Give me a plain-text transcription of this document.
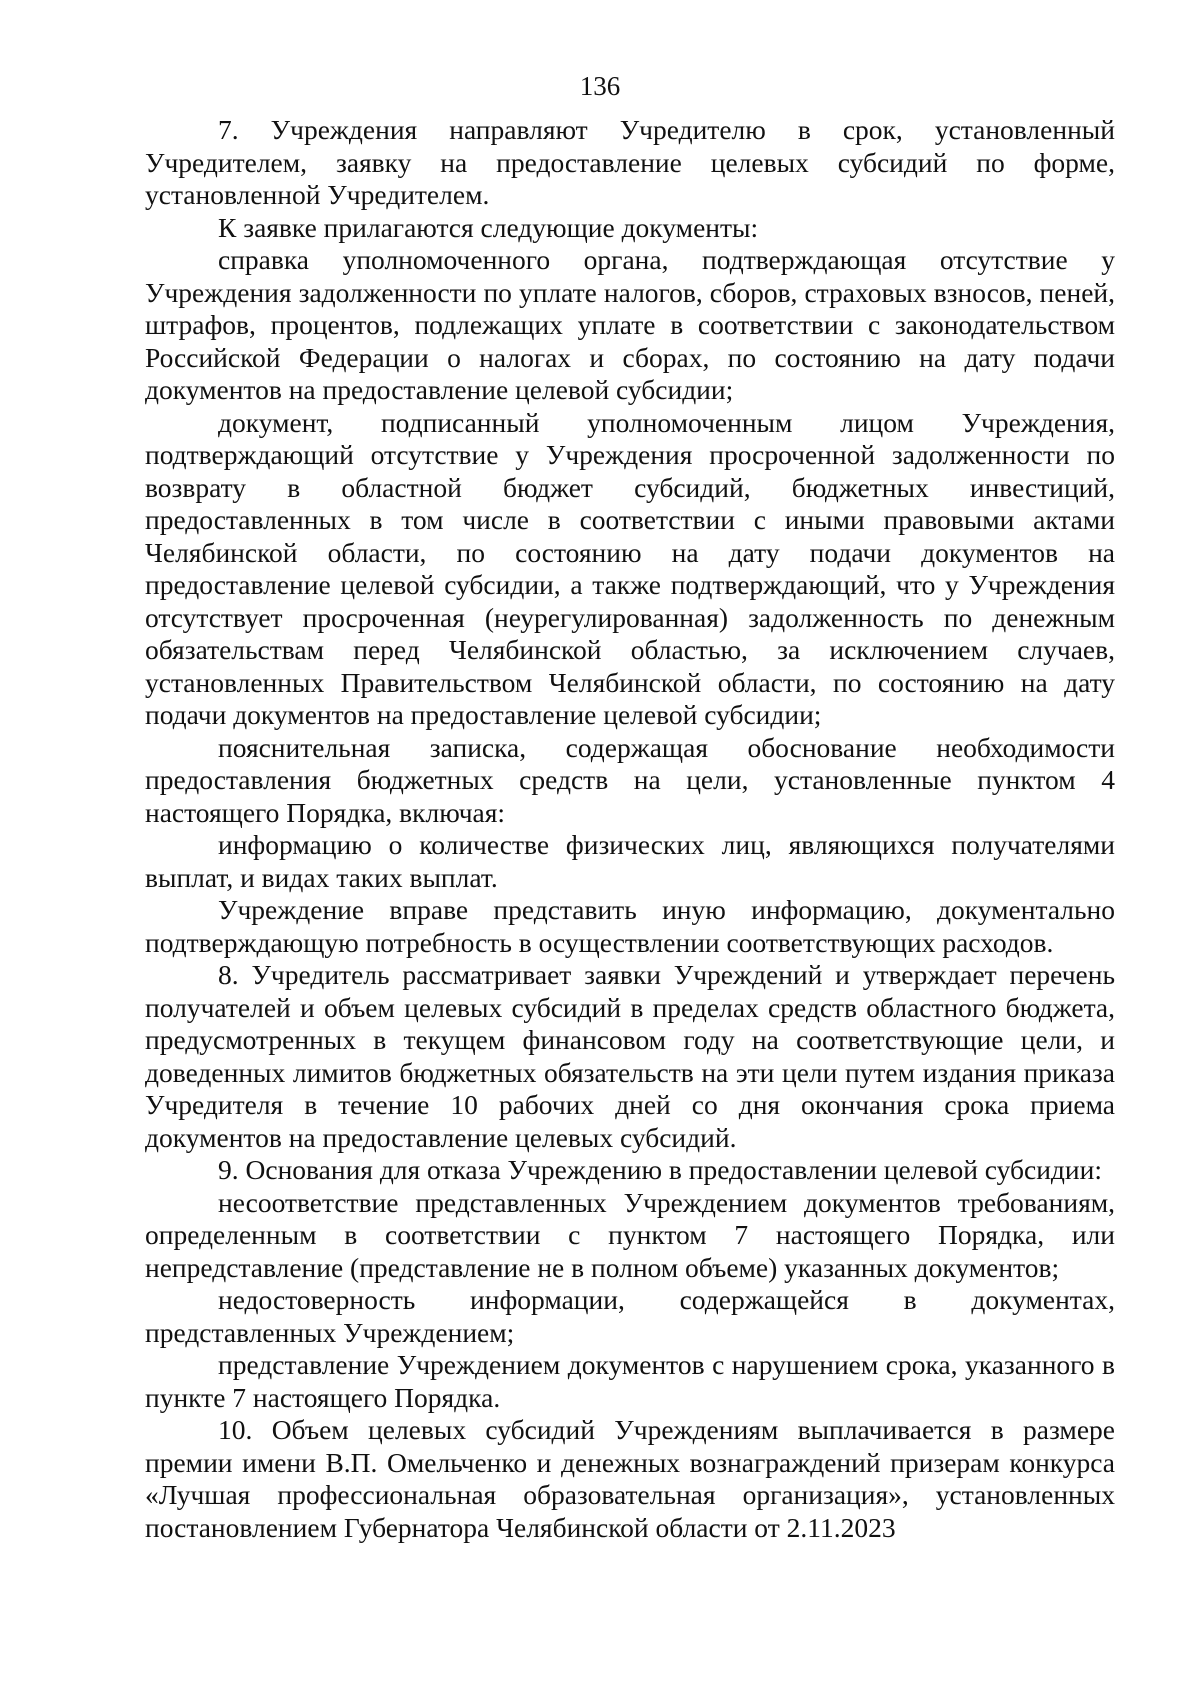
136

7. Учреждения направляют Учредителю в срок, установленный Учредителем, заявку на предоставление целевых субсидий по форме, установленной Учредителем.

К заявке прилагаются следующие документы:

справка уполномоченного органа, подтверждающая отсутствие у Учреждения задолженности по уплате налогов, сборов, страховых взносов, пеней, штрафов, процентов, подлежащих уплате в соответствии с законодательством Российской Федерации о налогах и сборах, по состоянию на дату подачи документов на предоставление целевой субсидии;

документ, подписанный уполномоченным лицом Учреждения, подтверждающий отсутствие у Учреждения просроченной задолженности по возврату в областной бюджет субсидий, бюджетных инвестиций, предоставленных в том числе в соответствии с иными правовыми актами Челябинской области, по состоянию на дату подачи документов на предоставление целевой субсидии, а также подтверждающий, что у Учреждения отсутствует просроченная (неурегулированная) задолженность по денежным обязательствам перед Челябинской областью, за исключением случаев, установленных Правительством Челябинской области, по состоянию на дату подачи документов на предоставление целевой субсидии;

пояснительная записка, содержащая обоснование необходимости предоставления бюджетных средств на цели, установленные пунктом 4 настоящего Порядка, включая:

информацию о количестве физических лиц, являющихся получателями выплат, и видах таких выплат.

Учреждение вправе представить иную информацию, документально подтверждающую потребность в осуществлении соответствующих расходов.

8. Учредитель рассматривает заявки Учреждений и утверждает перечень получателей и объем целевых субсидий в пределах средств областного бюджета, предусмотренных в текущем финансовом году на соответствующие цели, и доведенных лимитов бюджетных обязательств на эти цели путем издания приказа Учредителя в течение 10 рабочих дней со дня окончания срока приема документов на предоставление целевых субсидий.

9. Основания для отказа Учреждению в предоставлении целевой субсидии:

несоответствие представленных Учреждением документов требованиям, определенным в соответствии с пунктом 7 настоящего Порядка, или непредставление (представление не в полном объеме) указанных документов;

недостоверность информации, содержащейся в документах, представленных Учреждением;

представление Учреждением документов с нарушением срока, указанного в пункте 7 настоящего Порядка.

10. Объем целевых субсидий Учреждениям выплачивается в размере премии имени В.П. Омельченко и денежных вознаграждений призерам конкурса «Лучшая профессиональная образовательная организация», установленных постановлением Губернатора Челябинской области от 2.11.2023
